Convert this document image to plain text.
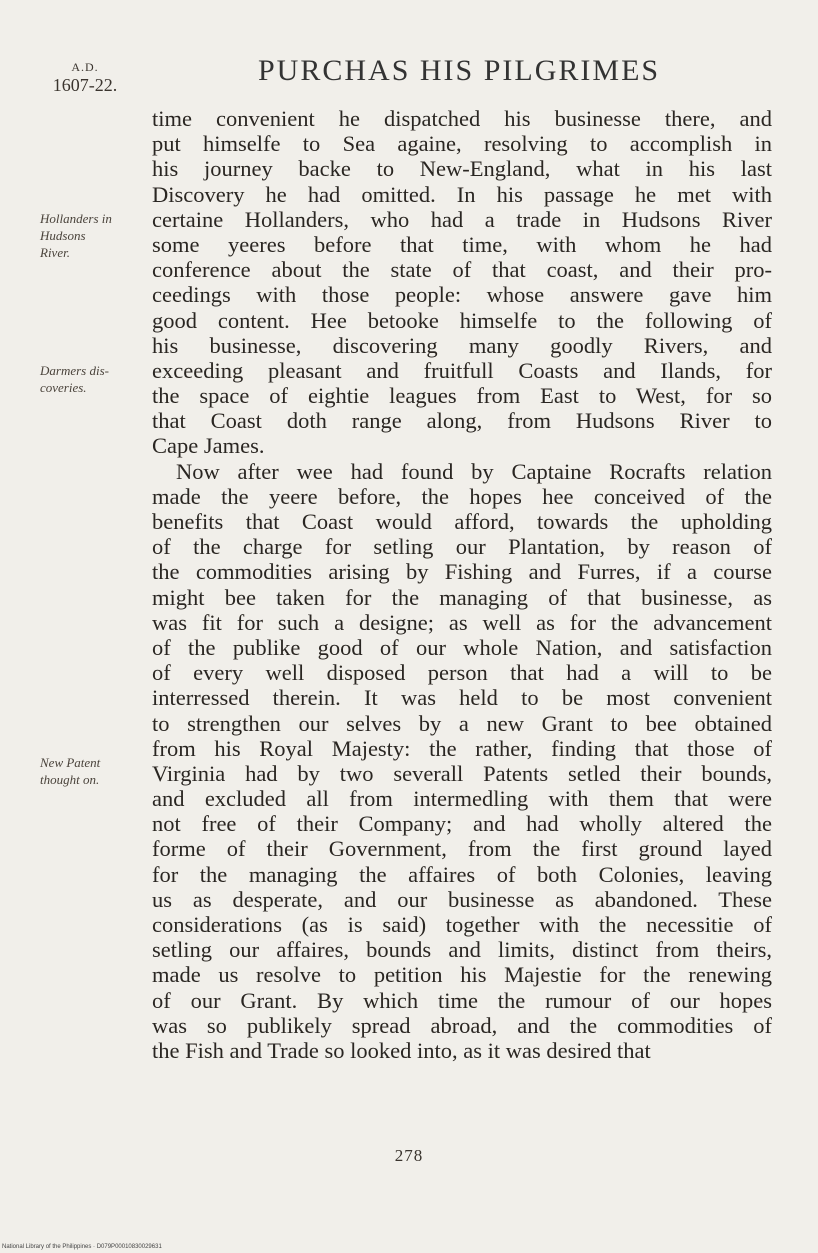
A.D.
1607-22.	PURCHAS HIS PILGRIMES
Hollanders in
Hudsons
River.
Darmers dis-
coveries.
New Patent
thought on.
time convenient he dispatched his businesse there, and
put himselfe to Sea againe, resolving to accomplish in
his journey backe to New-England, what in his last
Discovery he had omitted. In his passage he met with
certaine Hollanders, who had a trade in Hudsons River
some yeeres before that time, with whom he had
conference about the state of that coast, and their pro-
ceedings with those people: whose answere gave him
good content. Hee betooke himselfe to the following of
his businesse, discovering many goodly Rivers, and
exceeding pleasant and fruitfull Coasts and Ilands, for
the space of eightie leagues from East to West, for so
that Coast doth range along, from Hudsons River to
Cape James.
Now after wee had found by Captaine Rocrafts relation
made the yeere before, the hopes hee conceived of the
benefits that Coast would afford, towards the upholding
of the charge for setling our Plantation, by reason of
the commodities arising by Fishing and Furres, if a course
might bee taken for the managing of that businesse, as
was fit for such a designe; as well as for the advancement
of the publike good of our whole Nation, and satisfaction
of every well disposed person that had a will to be
interressed therein. It was held to be most convenient
to strengthen our selves by a new Grant to bee obtained
from his Royal Majesty: the rather, finding that those of
Virginia had by two severall Patents setled their bounds,
and excluded all from intermedling with them that were
not free of their Company; and had wholly altered the
forme of their Government, from the first ground layed
for the managing the affaires of both Colonies, leaving
us as desperate, and our businesse as abandoned. These
considerations (as is said) together with the necessitie of
setling our affaires, bounds and limits, distinct from theirs,
made us resolve to petition his Majestie for the renewing
of our Grant. By which time the rumour of our hopes
was so publikely spread abroad, and the commodities of
the Fish and Trade so looked into, as it was desired that
278
National Library of the Philippines · D079P00010830029631
